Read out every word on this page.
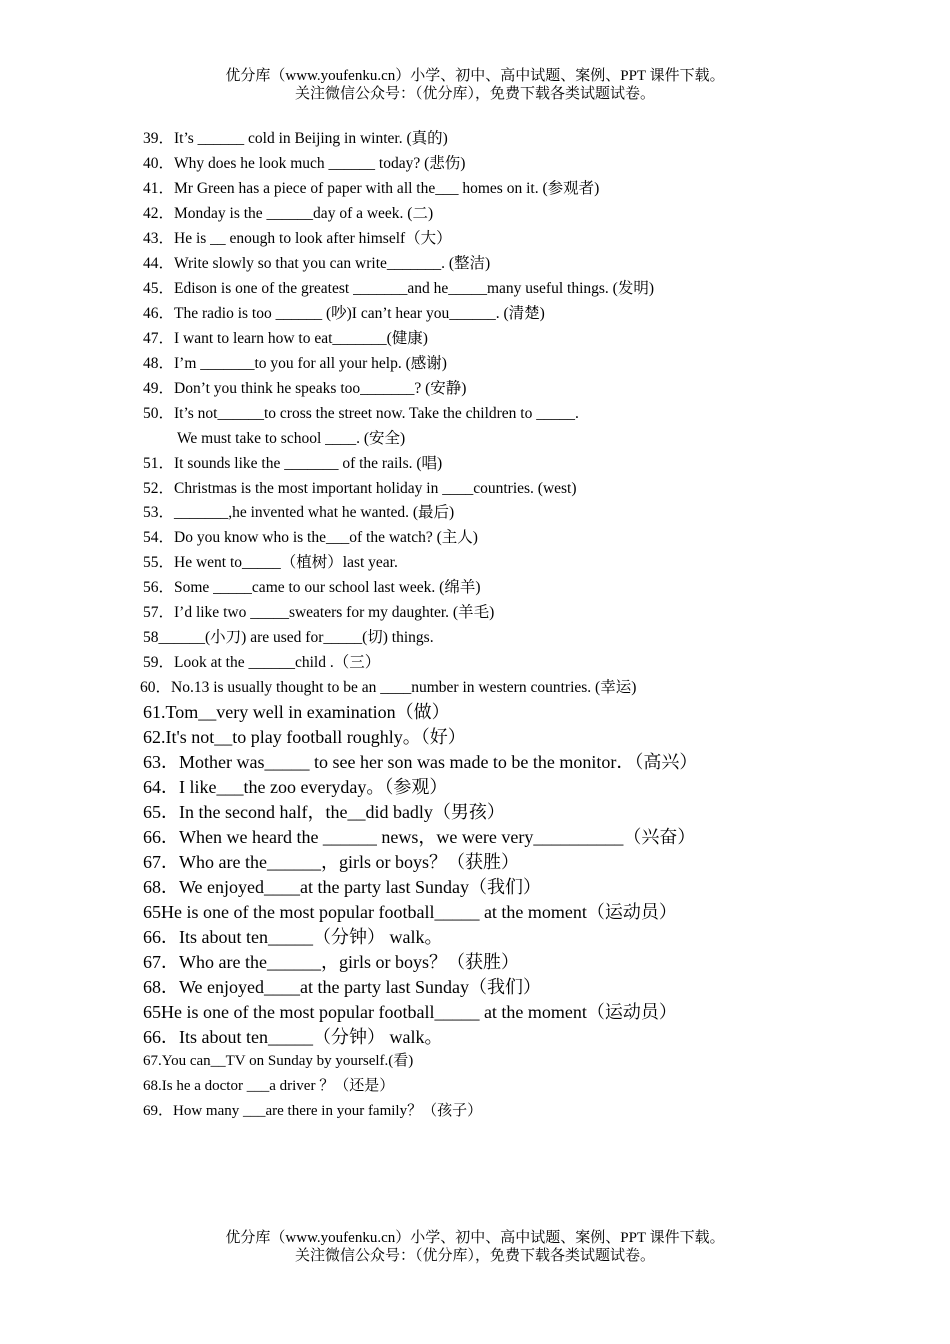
优分库（www.youfenku.cn）小学、初中、高中试题、案例、PPT 课件下载。
关注微信公众号：（优分库），免费下载各类试题试卷。
39．It’s ______ cold in Beijing in winter. (真的)
40．Why does he look much ______ today? (悲伤)
41．Mr Green has a piece of paper with all the___ homes on it. (参观者)
42．Monday is the ______day of a week. (二)
43．He is __ enough to look after himself（大）
44．Write slowly so that you can write_______. (整洁)
45．Edison is one of the greatest _______and he_____many useful things. (发明)
46．The radio is too ______ (吵)I can’t hear you______. (清楚)
47．I want to learn how to eat_______(健康)
48．I’m _______to you for all your help. (感谢)
49．Don’t you think he speaks too_______? (安静)
50．It’s not______to cross the street now. Take the children to _____.
We must take to school ____. (安全)
51．It sounds like the _______ of the rails. (唱)
52．Christmas is the most important holiday in ____countries. (west)
53．_______,he invented what he wanted. (最后)
54．Do you know who is the___of the watch? (主人)
55．He went to_____（植树）last year.
56．Some _____came to our school last week. (绵羊)
57．I’d like two _____sweaters for my daughter. (羊毛)
58______(小刀) are used for_____(切) things.
59．Look at the ______child .（三）
60．No.13 is usually thought to be an ____number in western countries. (幸运)
61.Tom__very well in examination（做）
62.It's not__to play football roughly。（好）
63．Mother was_____ to see her son was made to be the monitor．（高兴）
64．I like___the zoo everyday。（参观）
65．In the second half，the__did badly（男孩）
66．When we heard the ______ news，we were very__________（兴奋）
67．Who are the______，girls or boys？（获胜）
68．We enjoyed____at the party last Sunday（我们）
65He is one of the most popular football_____ at the moment（运动员）
66．Its about ten_____（分钟） walk。
67．Who are the______，girls or boys？（获胜）
68．We enjoyed____at the party last Sunday（我们）
65He is one of the most popular football_____ at the moment（运动员）
66．Its about ten_____（分钟） walk。
67.You can__TV on Sunday by yourself.(看)
68.Is he a doctor ___a driver ？（还是）
69．How many ___are there in your family？（孩子）
优分库（www.youfenku.cn）小学、初中、高中试题、案例、PPT 课件下载。
关注微信公众号：（优分库），免费下载各类试题试卷。
